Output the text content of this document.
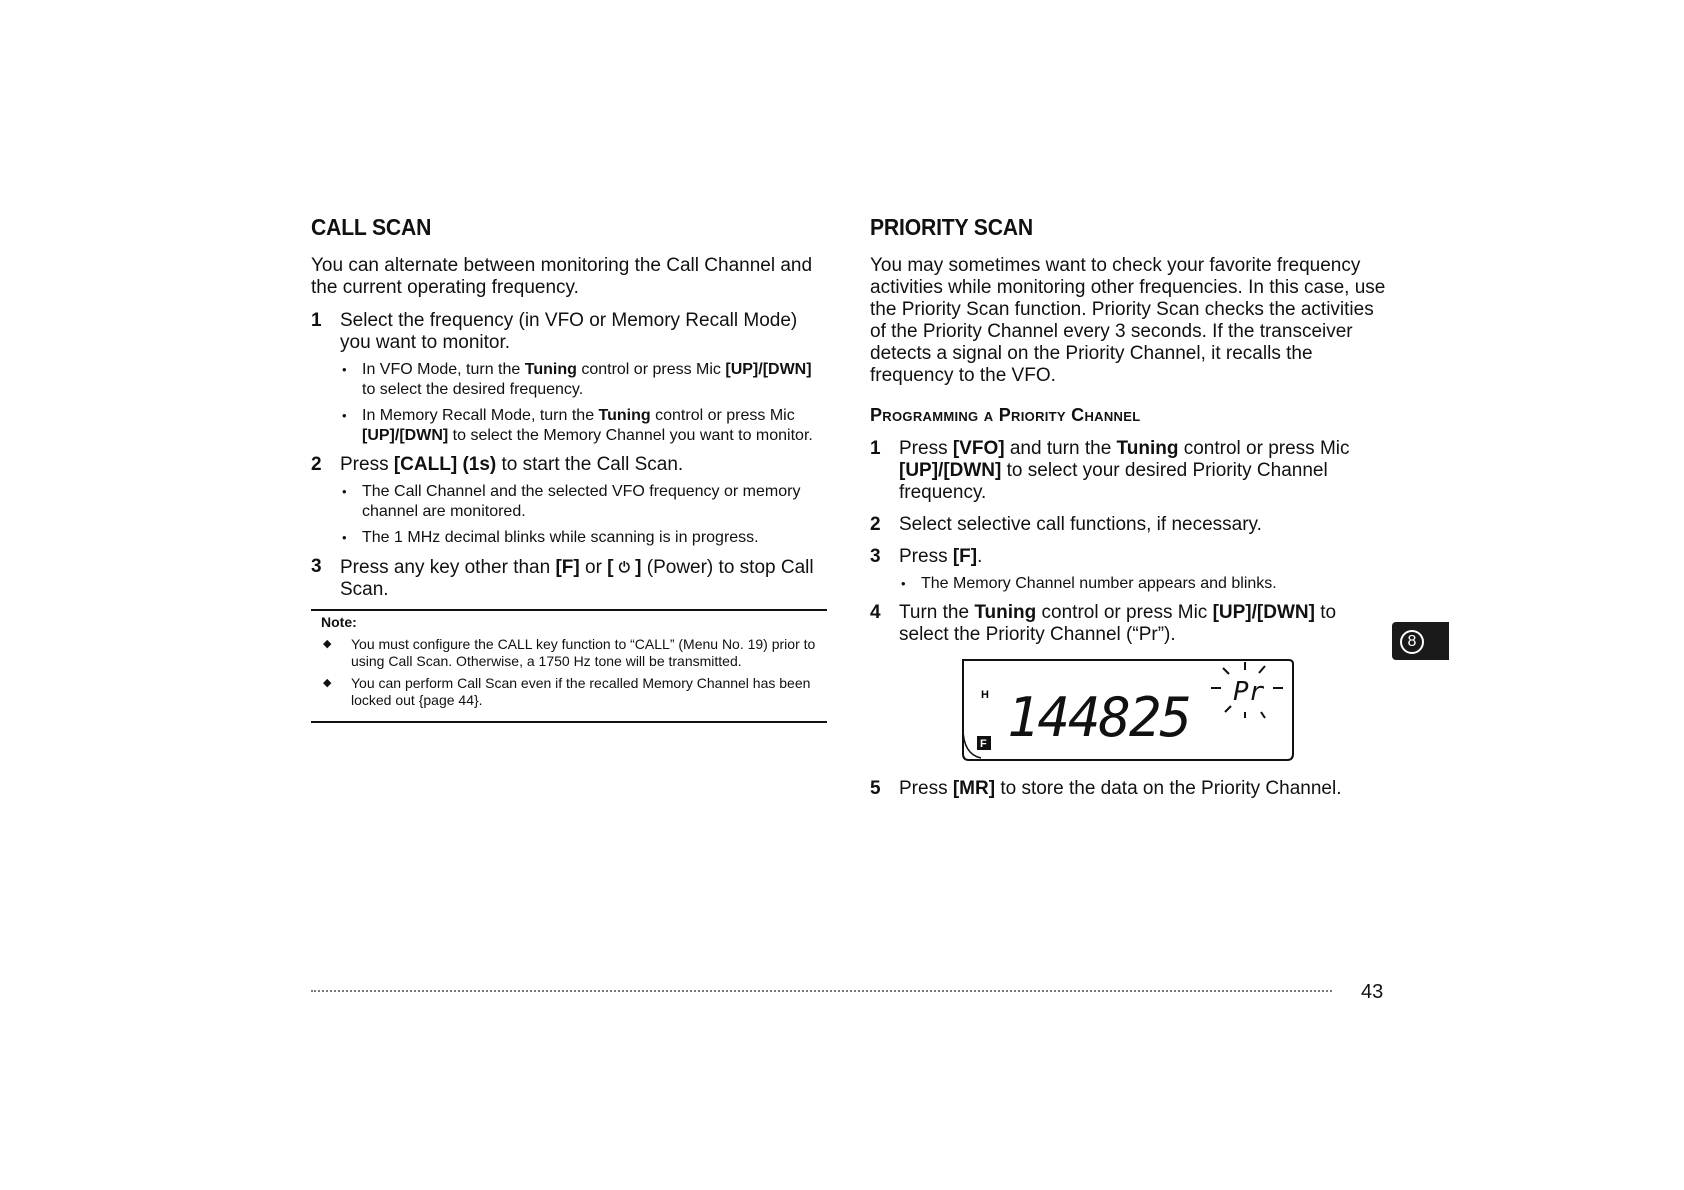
CALL SCAN

You can alternate between monitoring the Call Channel and the current operating frequency.

1 Select the frequency (in VFO or Memory Recall Mode) you want to monitor.
• In VFO Mode, turn the Tuning control or press Mic [UP]/[DWN] to select the desired frequency.
• In Memory Recall Mode, turn the Tuning control or press Mic [UP]/[DWN] to select the Memory Channel you want to monitor.
2 Press [CALL] (1s) to start the Call Scan.
• The Call Channel and the selected VFO frequency or memory channel are monitored.
• The 1 MHz decimal blinks while scanning is in progress.
3 Press any key other than [F] or [ ⏻ ] (Power) to stop Call Scan.
Note:
◆ You must configure the CALL key function to “CALL” (Menu No. 19) prior to using Call Scan. Otherwise, a 1750 Hz tone will be transmitted.
◆ You can perform Call Scan even if the recalled Memory Channel has been locked out {page 44}.
PRIORITY SCAN

You may sometimes want to check your favorite frequency activities while monitoring other frequencies. In this case, use the Priority Scan function. Priority Scan checks the activities of the Priority Channel every 3 seconds. If the transceiver detects a signal on the Priority Channel, it recalls the frequency to the VFO.

Programming a Priority Channel
1 Press [VFO] and turn the Tuning control or press Mic [UP]/[DWN] to select your desired Priority Channel frequency.
2 Select selective call functions, if necessary.
3 Press [F].
• The Memory Channel number appears and blinks.
4 Turn the Tuning control or press Mic [UP]/[DWN] to select the Priority Channel (“Pr”).
H
F 144825 Pr
5 Press [MR] to store the data on the Priority Channel.
8
43
